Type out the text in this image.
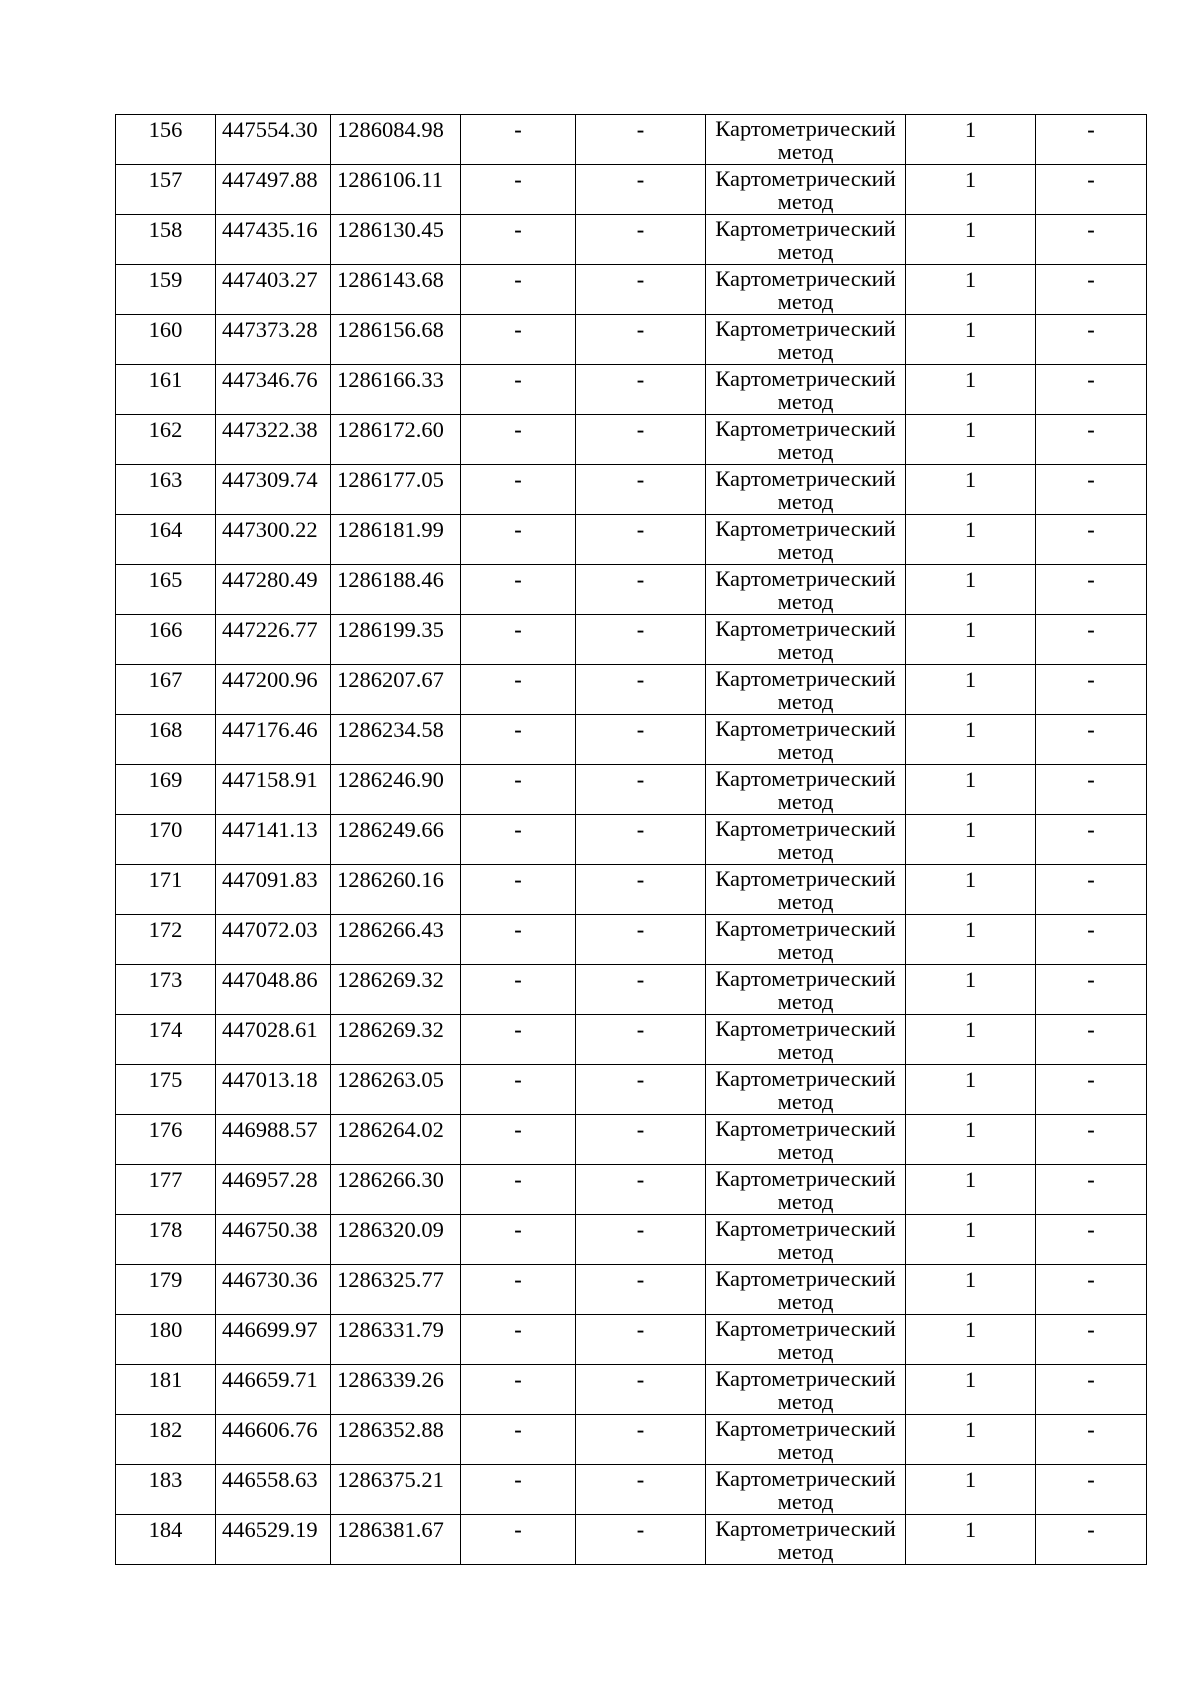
156	447554.30	1286084.98	-	-	Картометрический метод	1	-

157	447497.88	1286106.11	-	-	Картометрический метод	1	-

158	447435.16	1286130.45	-	-	Картометрический метод	1	-

159	447403.27	1286143.68	-	-	Картометрический метод	1	-

160	447373.28	1286156.68	-	-	Картометрический метод	1	-

161	447346.76	1286166.33	-	-	Картометрический метод	1	-

162	447322.38	1286172.60	-	-	Картометрический метод	1	-

163	447309.74	1286177.05	-	-	Картометрический метод	1	-

164	447300.22	1286181.99	-	-	Картометрический метод	1	-

165	447280.49	1286188.46	-	-	Картометрический метод	1	-

166	447226.77	1286199.35	-	-	Картометрический метод	1	-

167	447200.96	1286207.67	-	-	Картометрический метод	1	-

168	447176.46	1286234.58	-	-	Картометрический метод	1	-

169	447158.91	1286246.90	-	-	Картометрический метод	1	-

170	447141.13	1286249.66	-	-	Картометрический метод	1	-

171	447091.83	1286260.16	-	-	Картометрический метод	1	-

172	447072.03	1286266.43	-	-	Картометрический метод	1	-

173	447048.86	1286269.32	-	-	Картометрический метод	1	-

174	447028.61	1286269.32	-	-	Картометрический метод	1	-

175	447013.18	1286263.05	-	-	Картометрический метод	1	-

176	446988.57	1286264.02	-	-	Картометрический метод	1	-

177	446957.28	1286266.30	-	-	Картометрический метод	1	-

178	446750.38	1286320.09	-	-	Картометрический метод	1	-

179	446730.36	1286325.77	-	-	Картометрический метод	1	-

180	446699.97	1286331.79	-	-	Картометрический метод	1	-

181	446659.71	1286339.26	-	-	Картометрический метод	1	-

182	446606.76	1286352.88	-	-	Картометрический метод	1	-

183	446558.63	1286375.21	-	-	Картометрический метод	1	-

184	446529.19	1286381.67	-	-	Картометрический метод	1	-
